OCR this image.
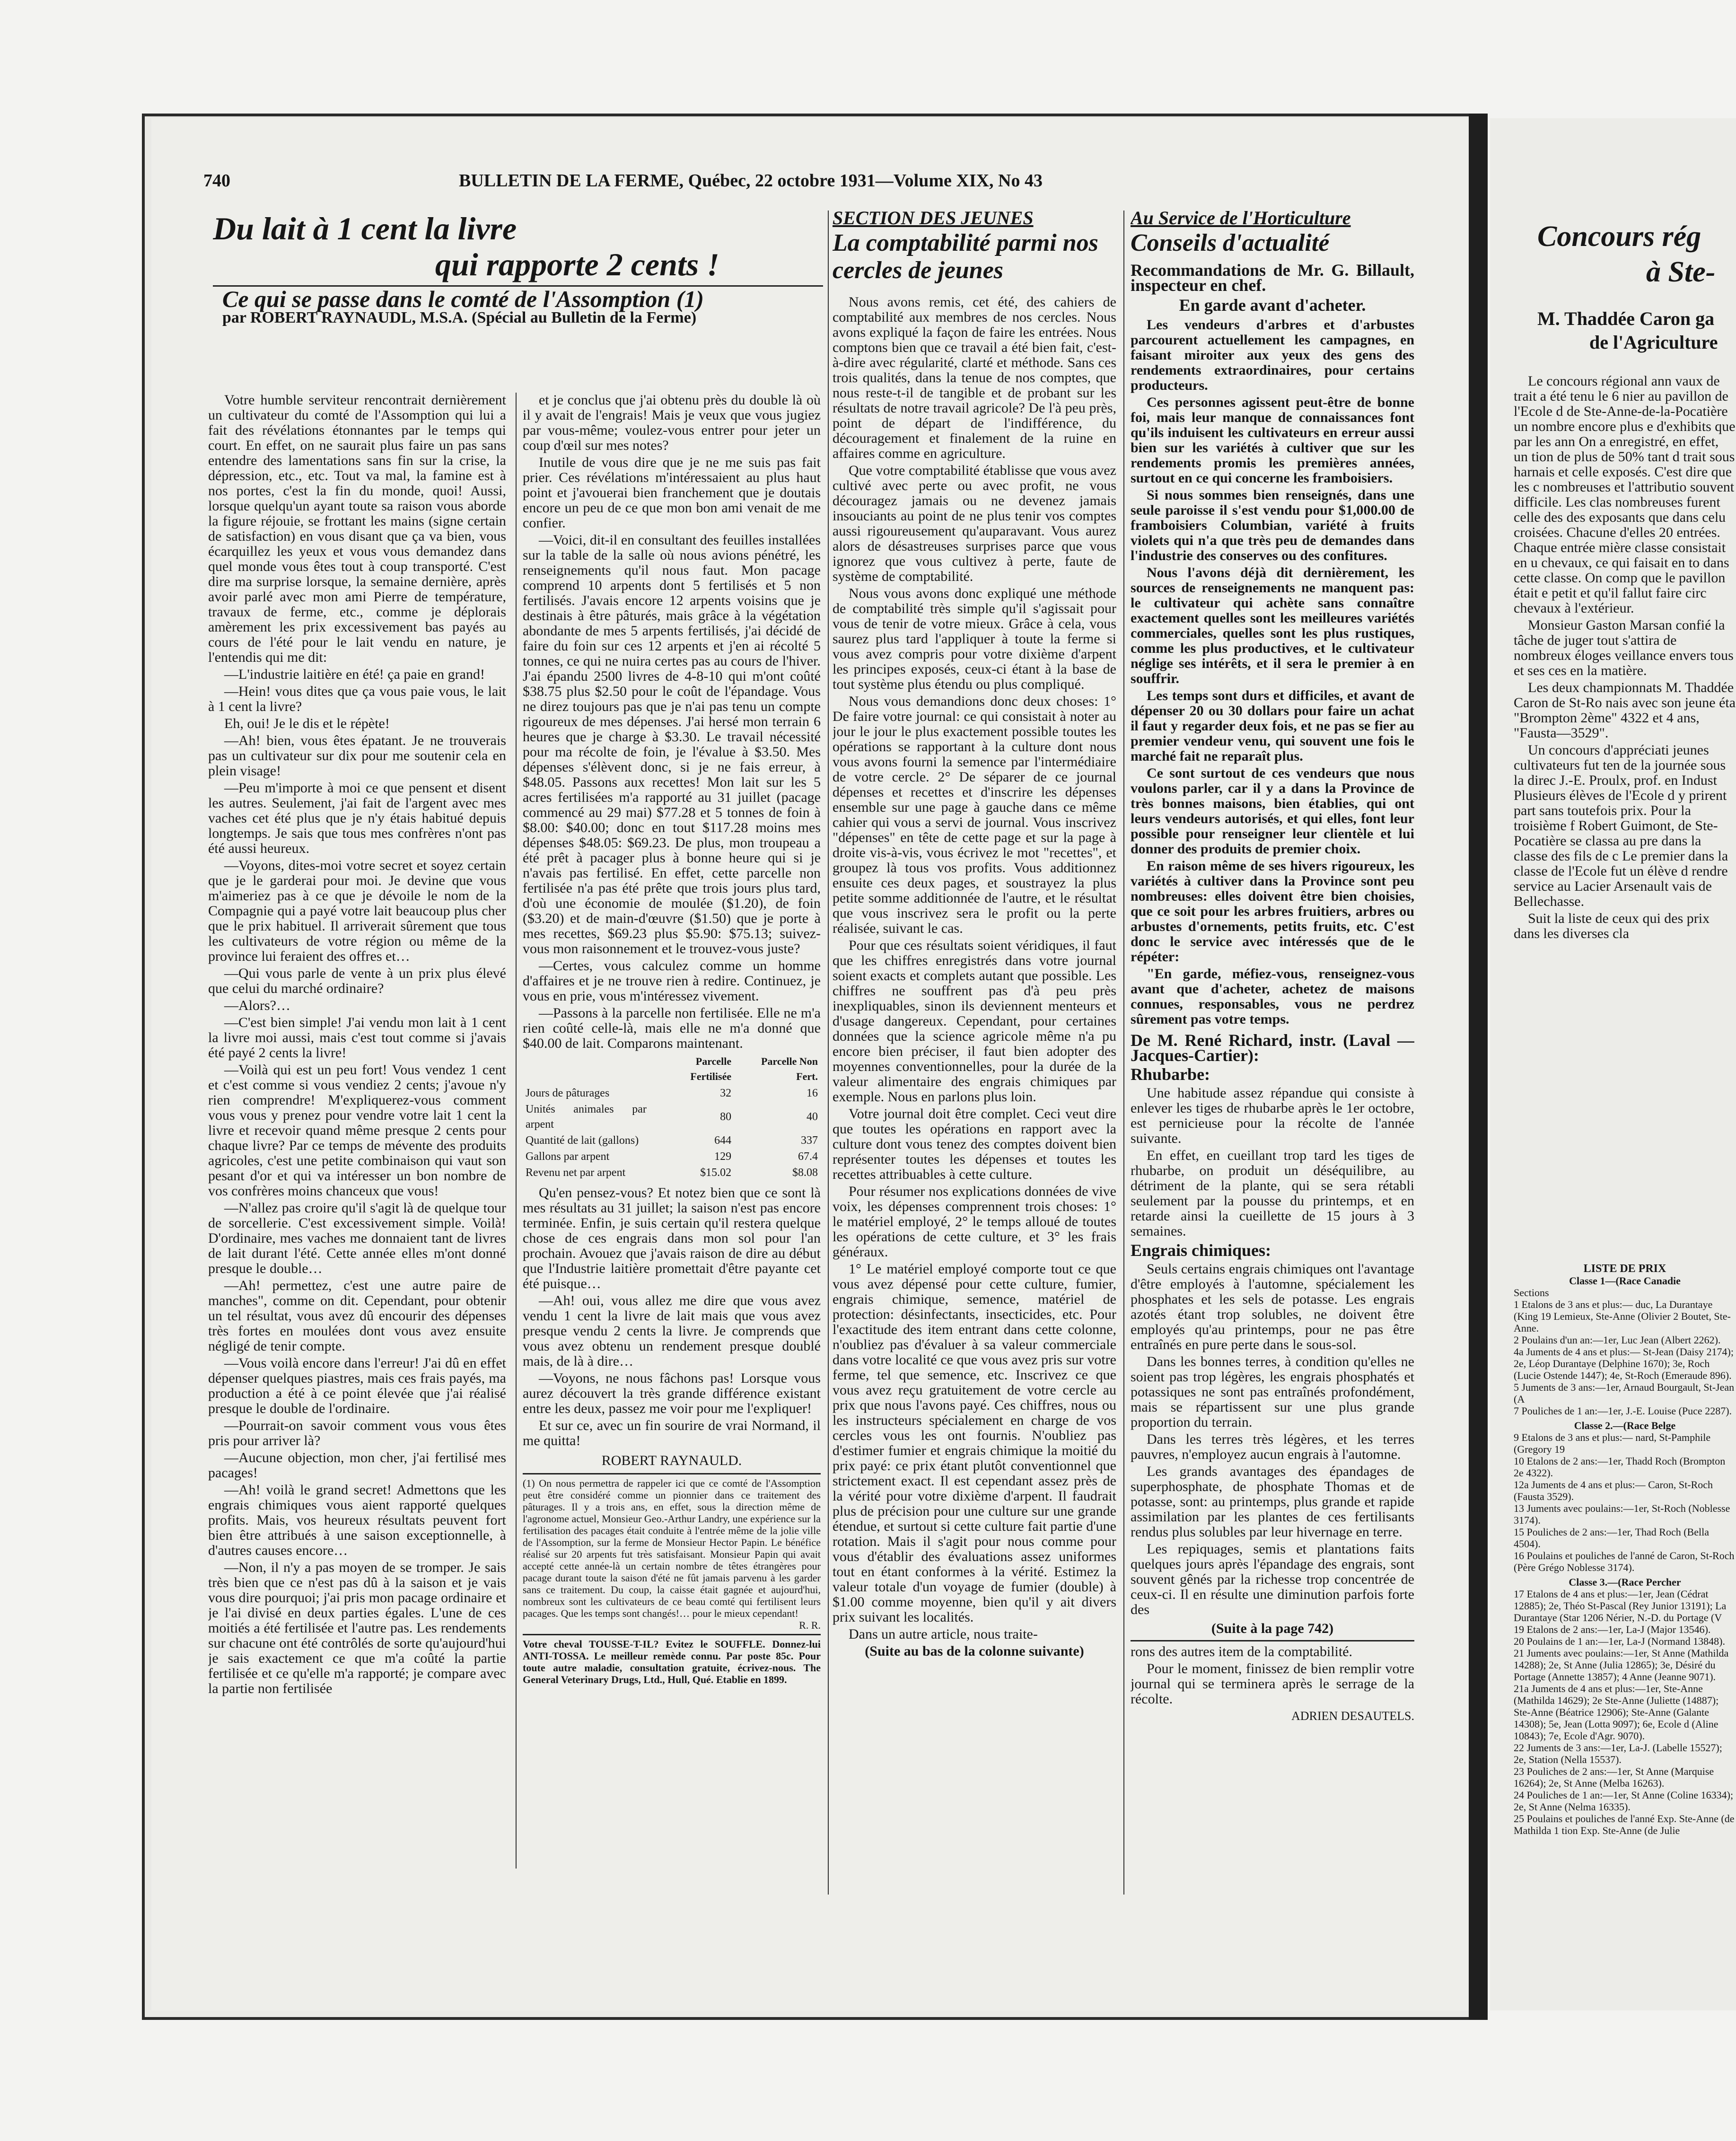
740	BULLETIN DE LA FERME, Québec, 22 octobre 1931—Volume XIX, No 43
Du lait à 1 cent la livre
qui rapporte 2 cents !
Ce qui se passe dans le comté de l'Assomption (1)
par ROBERT RAYNAUDL, M.S.A. (Spécial au Bulletin de la Ferme)

Votre humble serviteur rencontrait dernièrement un cultivateur du comté de l'Assomption qui lui a fait des révélations étonnantes par le temps qui court. En effet, on ne saurait plus faire un pas sans entendre des lamentations sans fin sur la crise, la dépression, etc., etc. Tout va mal, la famine est à nos portes, c'est la fin du monde, quoi! Aussi, lorsque quelqu'un ayant toute sa raison vous aborde la figure réjouie, se frottant les mains (signe certain de satisfaction) en vous disant que ça va bien, vous écarquillez les yeux et vous vous demandez dans quel monde vous êtes tout à coup transporté. C'est dire ma surprise lorsque, la semaine dernière, après avoir parlé avec mon ami Pierre de température, travaux de ferme, etc., comme je déplorais amèrement les prix excessivement bas payés au cours de l'été pour le lait vendu en nature, je l'entendis qui me dit:

—L'industrie laitière en été! ça paie en grand!

—Hein! vous dites que ça vous paie vous, le lait à 1 cent la livre?

Eh, oui! Je le dis et le répète!

—Ah! bien, vous êtes épatant. Je ne trouverais pas un cultivateur sur dix pour me soutenir cela en plein visage!

—Peu m'importe à moi ce que pensent et disent les autres. Seulement, j'ai fait de l'argent avec mes vaches cet été plus que je n'y étais habitué depuis longtemps. Je sais que tous mes confrères n'ont pas été aussi heureux.

—Voyons, dites-moi votre secret et soyez certain que je le garderai pour moi. Je devine que vous m'aimeriez pas à ce que je dévoile le nom de la Compagnie qui a payé votre lait beaucoup plus cher que le prix habituel. Il arriverait sûrement que tous les cultivateurs de votre région ou même de la province lui feraient des offres et…

—Qui vous parle de vente à un prix plus élevé que celui du marché ordinaire?

—Alors?…

—C'est bien simple! J'ai vendu mon lait à 1 cent la livre moi aussi, mais c'est tout comme si j'avais été payé 2 cents la livre!

—Voilà qui est un peu fort! Vous vendez 1 cent et c'est comme si vous vendiez 2 cents; j'avoue n'y rien comprendre! M'expliquerez-vous comment vous vous y prenez pour vendre votre lait 1 cent la livre et recevoir quand même presque 2 cents pour chaque livre? Par ce temps de mévente des produits agricoles, c'est une petite combinaison qui vaut son pesant d'or et qui va intéresser un bon nombre de vos confrères moins chanceux que vous!

—N'allez pas croire qu'il s'agit là de quelque tour de sorcellerie. C'est excessivement simple. Voilà! D'ordinaire, mes vaches me donnaient tant de livres de lait durant l'été. Cette année elles m'ont donné presque le double…

—Ah! permettez, c'est une autre paire de manches", comme on dit. Cependant, pour obtenir un tel résultat, vous avez dû encourir des dépenses très fortes en moulées dont vous avez ensuite négligé de tenir compte.

—Vous voilà encore dans l'erreur! J'ai dû en effet dépenser quelques piastres, mais ces frais payés, ma production a été à ce point élevée que j'ai réalisé presque le double de l'ordinaire.

—Pourrait-on savoir comment vous vous êtes pris pour arriver là?

—Aucune objection, mon cher, j'ai fertilisé mes pacages!

—Ah! voilà le grand secret! Admettons que les engrais chimiques vous aient rapporté quelques profits. Mais, vos heureux résultats peuvent fort bien être attribués à une saison exceptionnelle, à d'autres causes encore…

—Non, il n'y a pas moyen de se tromper. Je sais très bien que ce n'est pas dû à la saison et je vais vous dire pourquoi; j'ai pris mon pacage ordinaire et je l'ai divisé en deux parties égales. L'une de ces moitiés a été fertilisée et l'autre pas. Les rendements sur chacune ont été contrôlés de sorte qu'aujourd'hui je sais exactement ce que m'a coûté la partie fertilisée et ce qu'elle m'a rapporté; je compare avec la partie non fertilisée

et je conclus que j'ai obtenu près du double là où il y avait de l'engrais! Mais je veux que vous jugiez par vous-même; voulez-vous entrer pour jeter un coup d'œil sur mes notes?

Inutile de vous dire que je ne me suis pas fait prier. Ces révélations m'intéressaient au plus haut point et j'avouerai bien franchement que je doutais encore un peu de ce que mon bon ami venait de me confier.

—Voici, dit-il en consultant des feuilles installées sur la table de la salle où nous avions pénétré, les renseignements qu'il nous faut. Mon pacage comprend 10 arpents dont 5 fertilisés et 5 non fertilisés. J'avais encore 12 arpents voisins que je destinais à être pâturés, mais grâce à la végétation abondante de mes 5 arpents fertilisés, j'ai décidé de faire du foin sur ces 12 arpents et j'en ai récolté 5 tonnes, ce qui ne nuira certes pas au cours de l'hiver. J'ai épandu 2500 livres de 4-8-10 qui m'ont coûté $38.75 plus $2.50 pour le coût de l'épandage. Vous ne direz toujours pas que je n'ai pas tenu un compte rigoureux de mes dépenses. J'ai hersé mon terrain 6 heures que je charge à $3.30. Le travail nécessité pour ma récolte de foin, je l'évalue à $3.50. Mes dépenses s'élèvent donc, si je ne fais erreur, à $48.05. Passons aux recettes! Mon lait sur les 5 acres fertilisées m'a rapporté au 31 juillet (pacage commencé au 29 mai) $77.28 et 5 tonnes de foin à $8.00: $40.00; donc en tout $117.28 moins mes dépenses $48.05: $69.23. De plus, mon troupeau a été prêt à pacager plus à bonne heure qui si je n'avais pas fertilisé. En effet, cette parcelle non fertilisée n'a pas été prête que trois jours plus tard, d'où une économie de moulée ($1.20), de foin ($3.20) et de main-d'œuvre ($1.50) que je porte à mes recettes, $69.23 plus $5.90: $75.13; suivez-vous mon raisonnement et le trouvez-vous juste?

—Certes, vous calculez comme un homme d'affaires et je ne trouve rien à redire. Continuez, je vous en prie, vous m'intéressez vivement.

—Passons à la parcelle non fertilisée. Elle ne m'a rien coûté celle-là, mais elle ne m'a donné que $40.00 de lait. Comparons maintenant.

	Parcelle Fertilisée	Parcelle Non Fert.
Jours de pâturages	32	16
Unités animales par arpent	80	40
Quantité de lait (gallons)	644	337
Gallons par arpent	129	67.4
Revenu net par arpent	$15.02	$8.08

Qu'en pensez-vous? Et notez bien que ce sont là mes résultats au 31 juillet; la saison n'est pas encore terminée. Enfin, je suis certain qu'il restera quelque chose de ces engrais dans mon sol pour l'an prochain. Avouez que j'avais raison de dire au début que l'Industrie laitière promettait d'être payante cet été puisque…

—Ah! oui, vous allez me dire que vous avez vendu 1 cent la livre de lait mais que vous avez presque vendu 2 cents la livre. Je comprends que vous avez obtenu un rendement presque doublé mais, de là à dire…

—Voyons, ne nous fâchons pas! Lorsque vous aurez découvert la très grande différence existant entre les deux, passez me voir pour me l'expliquer!

Et sur ce, avec un fin sourire de vrai Normand, il me quitta!

ROBERT RAYNAULD.
(1) On nous permettra de rappeler ici que ce comté de l'Assomption peut être considéré comme un pionnier dans ce traitement des pâturages. Il y a trois ans, en effet, sous la direction même de l'agronome actuel, Monsieur Geo.-Arthur Landry, une expérience sur la fertilisation des pacages était conduite à l'entrée même de la jolie ville de l'Assomption, sur la ferme de Monsieur Hector Papin. Le bénéfice réalisé sur 20 arpents fut très satisfaisant. Monsieur Papin qui avait accepté cette année-là un certain nombre de têtes étrangères pour pacage durant toute la saison d'été ne fût jamais parvenu à les garder sans ce traitement. Du coup, la caisse était gagnée et aujourd'hui, nombreux sont les cultivateurs de ce beau comté qui fertilisent leurs pacages. Que les temps sont changés!… pour le mieux cependant!
R. R.
Votre cheval TOUSSE-T-IL? Evitez le SOUFFLE. Donnez-lui ANTI-TOSSA. Le meilleur remède connu. Par poste 85c. Pour toute autre maladie, consultation gratuite, écrivez-nous. The General Veterinary Drugs, Ltd., Hull, Qué. Etablie en 1899.
SECTION DES JEUNES
La comptabilité parmi nos cercles de jeunes

Nous avons remis, cet été, des cahiers de comptabilité aux membres de nos cercles. Nous avons expliqué la façon de faire les entrées. Nous comptons bien que ce travail a été bien fait, c'est-à-dire avec régularité, clarté et méthode. Sans ces trois qualités, dans la tenue de nos comptes, que nous reste-t-il de tangible et de probant sur les résultats de notre travail agricole? De l'à peu près, point de départ de l'indifférence, du découragement et finalement de la ruine en affaires comme en agriculture.

Que votre comptabilité établisse que vous avez cultivé avec perte ou avec profit, ne vous découragez jamais ou ne devenez jamais insouciants au point de ne plus tenir vos comptes aussi rigoureusement qu'auparavant. Vous aurez alors de désastreuses surprises parce que vous ignorez que vous cultivez à perte, faute de système de comptabilité.

Nous vous avons donc expliqué une méthode de comptabilité très simple qu'il s'agissait pour vous de tenir de votre mieux. Grâce à cela, vous saurez plus tard l'appliquer à toute la ferme si vous avez compris pour votre dixième d'arpent les principes exposés, ceux-ci étant à la base de tout système plus étendu ou plus compliqué.

Nous vous demandions donc deux choses: 1° De faire votre journal: ce qui consistait à noter au jour le jour le plus exactement possible toutes les opérations se rapportant à la culture dont nous vous avons fourni la semence par l'intermédiaire de votre cercle. 2° De séparer de ce journal dépenses et recettes et d'inscrire les dépenses ensemble sur une page à gauche dans ce même cahier qui vous a servi de journal. Vous inscrivez "dépenses" en tête de cette page et sur la page à droite vis-à-vis, vous écrivez le mot "recettes", et groupez là tous vos profits. Vous additionnez ensuite ces deux pages, et soustrayez la plus petite somme additionnée de l'autre, et le résultat que vous inscrivez sera le profit ou la perte réalisée, suivant le cas.

Pour que ces résultats soient véridiques, il faut que les chiffres enregistrés dans votre journal soient exacts et complets autant que possible. Les chiffres ne souffrent pas d'à peu près inexpliquables, sinon ils deviennent menteurs et d'usage dangereux. Cependant, pour certaines données que la science agricole même n'a pu encore bien préciser, il faut bien adopter des moyennes conventionnelles, pour la durée de la valeur alimentaire des engrais chimiques par exemple. Nous en parlons plus loin.

Votre journal doit être complet. Ceci veut dire que toutes les opérations en rapport avec la culture dont vous tenez des comptes doivent bien représenter toutes les dépenses et toutes les recettes attribuables à cette culture.

Pour résumer nos explications données de vive voix, les dépenses comprennent trois choses: 1° le matériel employé, 2° le temps alloué de toutes les opérations de cette culture, et 3° les frais généraux.

1° Le matériel employé comporte tout ce que vous avez dépensé pour cette culture, fumier, engrais chimique, semence, matériel de protection: désinfectants, insecticides, etc. Pour l'exactitude des item entrant dans cette colonne, n'oubliez pas d'évaluer à sa valeur commerciale dans votre localité ce que vous avez pris sur votre ferme, tel que semence, etc. Inscrivez ce que vous avez reçu gratuitement de votre cercle au prix que nous l'avons payé. Ces chiffres, nous ou les instructeurs spécialement en charge de vos cercles vous les ont fournis. N'oubliez pas d'estimer fumier et engrais chimique la moitié du prix payé: ce prix étant plutôt conventionnel que strictement exact. Il est cependant assez près de la vérité pour votre dixième d'arpent. Il faudrait plus de précision pour une culture sur une grande étendue, et surtout si cette culture fait partie d'une rotation. Mais il s'agit pour nous comme pour vous d'établir des évaluations assez uniformes tout en étant conformes à la vérité. Estimez la valeur totale d'un voyage de fumier (double) à $1.00 comme moyenne, bien qu'il y ait divers prix suivant les localités.

Dans un autre article, nous traite-

(Suite au bas de la colonne suivante)
Au Service de l'Horticulture
Conseils d'actualité
Recommandations de Mr. G. Billault, inspecteur en chef.
En garde avant d'acheter.

Les vendeurs d'arbres et d'arbustes parcourent actuellement les campagnes, en faisant miroiter aux yeux des gens des rendements extraordinaires, pour certains producteurs.

Ces personnes agissent peut-être de bonne foi, mais leur manque de connaissances font qu'ils induisent les cultivateurs en erreur aussi bien sur les variétés à cultiver que sur les rendements promis les premières années, surtout en ce qui concerne les framboisiers.

Si nous sommes bien renseignés, dans une seule paroisse il s'est vendu pour $1,000.00 de framboisiers Columbian, variété à fruits violets qui n'a que très peu de demandes dans l'industrie des conserves ou des confitures.

Nous l'avons déjà dit dernièrement, les sources de renseignements ne manquent pas: le cultivateur qui achète sans connaître exactement quelles sont les meilleures variétés commerciales, quelles sont les plus rustiques, comme les plus productives, et le cultivateur néglige ses intérêts, et il sera le premier à en souffrir.

Les temps sont durs et difficiles, et avant de dépenser 20 ou 30 dollars pour faire un achat il faut y regarder deux fois, et ne pas se fier au premier vendeur venu, qui souvent une fois le marché fait ne reparaît plus.

Ce sont surtout de ces vendeurs que nous voulons parler, car il y a dans la Province de très bonnes maisons, bien établies, qui ont leurs vendeurs autorisés, et qui elles, font leur possible pour renseigner leur clientèle et lui donner des produits de premier choix.

En raison même de ses hivers rigoureux, les variétés à cultiver dans la Province sont peu nombreuses: elles doivent être bien choisies, que ce soit pour les arbres fruitiers, arbres ou arbustes d'ornements, petits fruits, etc. C'est donc le service avec intéressés que de le répéter:

"En garde, méfiez-vous, renseignez-vous avant que d'acheter, achetez de maisons connues, responsables, vous ne perdrez sûrement pas votre temps.

De M. René Richard, instr. (Laval —Jacques-Cartier):
Rhubarbe:

Une habitude assez répandue qui consiste à enlever les tiges de rhubarbe après le 1er octobre, est pernicieuse pour la récolte de l'année suivante.

En effet, en cueillant trop tard les tiges de rhubarbe, on produit un déséquilibre, au détriment de la plante, qui se sera rétabli seulement par la pousse du printemps, et en retarde ainsi la cueillette de 15 jours à 3 semaines.

Engrais chimiques:

Seuls certains engrais chimiques ont l'avantage d'être employés à l'automne, spécialement les phosphates et les sels de potasse. Les engrais azotés étant trop solubles, ne doivent être employés qu'au printemps, pour ne pas être entraînés en pure perte dans le sous-sol.

Dans les bonnes terres, à condition qu'elles ne soient pas trop légères, les engrais phosphatés et potassiques ne sont pas entraînés profondément, mais se répartissent sur une plus grande proportion du terrain.

Dans les terres très légères, et les terres pauvres, n'employez aucun engrais à l'automne.

Les grands avantages des épandages de superphosphate, de phosphate Thomas et de potasse, sont: au printemps, plus grande et rapide assimilation par les plantes de ces fertilisants rendus plus solubles par leur hivernage en terre.

Les repiquages, semis et plantations faits quelques jours après l'épandage des engrais, sont souvent gênés par la richesse trop concentrée de ceux-ci. Il en résulte une diminution parfois forte des

(Suite à la page 742)

rons des autres item de la comptabilité.

Pour le moment, finissez de bien remplir votre journal qui se terminera après le serrage de la récolte.

ADRIEN DESAUTELS.
Concours rég
à Ste-
M. Thaddée Caron ga
de l'Agriculture

Le concours régional ann vaux de trait a été tenu le 6 nier au pavillon de l'Ecole d de Ste-Anne-de-la-Pocatière un nombre encore plus e d'exhibits que par les ann On a enregistré, en effet, un tion de plus de 50% tant d trait sous harnais et celle exposés. C'est dire que les c nombreuses et l'attributio souvent difficile. Les clas nombreuses furent celle des des exposants que dans celu croisées. Chacune d'elles 20 entrées. Chaque entrée mière classe consistait en u chevaux, ce qui faisait en to dans cette classe. On comp que le pavillon était e petit et qu'il fallut faire circ chevaux à l'extérieur.

Monsieur Gaston Marsan confié la tâche de juger tout s'attira de nombreux éloges veillance envers tous et ses ces en la matière.

Les deux championnats M. Thaddée Caron de St-Ro nais avec son jeune éta "Brompton 2ème" 4322 et 4 ans, "Fausta—3529".

Un concours d'appréciati jeunes cultivateurs fut ten de la journée sous la direc J.-E. Proulx, prof. en Indust Plusieurs élèves de l'Ecole d y prirent part sans toutefois prix. Pour la troisième f Robert Guimont, de Ste- Pocatière se classa au pre dans la classe des fils de c Le premier dans la classe de l'Ecole fut un élève d rendre service au Lacier Arsenault vais de Bellechasse.

Suit la liste de ceux qui des prix dans les diverses cla

LISTE DE PRIX
Classe 1—(Race Canadie
Sections
1 Etalons de 3 ans et plus:— duc, La Durantaye (King 19 Lemieux, Ste-Anne (Olivier 2 Boutet, Ste-Anne.
2 Poulains d'un an:—1er, Luc Jean (Albert 2262).
4a Juments de 4 ans et plus:— St-Jean (Daisy 2174); 2e, Léop Durantaye (Delphine 1670); 3e, Roch (Lucie Ostende 1447); 4e, St-Roch (Emeraude 896).
5 Juments de 3 ans:—1er, Arnaud Bourgault, St-Jean (A
7 Pouliches de 1 an:—1er, J.-E. Louise (Puce 2287).
Classe 2.—(Race Belge
9 Etalons de 3 ans et plus:— nard, St-Pamphile (Gregory 19
10 Etalons de 2 ans:—1er, Thadd Roch (Brompton 2e 4322).
12a Juments de 4 ans et plus:— Caron, St-Roch (Fausta 3529).
13 Juments avec poulains:—1er, St-Roch (Noblesse 3174).
15 Pouliches de 2 ans:—1er, Thad Roch (Bella 4504).
16 Poulains et pouliches de l'anné de Caron, St-Roch (Père Grégo Noblesse 3174).
Classe 3.—(Race Percher
17 Etalons de 4 ans et plus:—1er, Jean (Cédrat 12885); 2e, Théo St-Pascal (Rey Junior 13191); La Durantaye (Star 1206 Nérier, N.-D. du Portage (V
19 Etalons de 2 ans:—1er, La-J (Major 13546).
20 Poulains de 1 an:—1er, La-J (Normand 13848).
21 Juments avec poulains:—1er, St Anne (Mathilda 14288); 2e, St Anne (Julia 12865); 3e, Désiré du Portage (Annette 13857); 4 Anne (Jeanne 9071).
21a Juments de 4 ans et plus:—1er, Ste-Anne (Mathilda 14629); 2e Ste-Anne (Juliette (14887); Ste-Anne (Béatrice 12906); Ste-Anne (Galante 14308); 5e, Jean (Lotta 9097); 6e, Ecole d (Aline 10843); 7e, Ecole d'Agr. 9070).
22 Juments de 3 ans:—1er, La-J. (Labelle 15527); 2e, Station (Nella 15537).
23 Pouliches de 2 ans:—1er, St Anne (Marquise 16264); 2e, St Anne (Melba 16263).
24 Pouliches de 1 an:—1er, St Anne (Coline 16334); 2e, St Anne (Nelma 16335).
25 Poulains et pouliches de l'anné Exp. Ste-Anne (de Mathilda 1 tion Exp. Ste-Anne (de Julie
